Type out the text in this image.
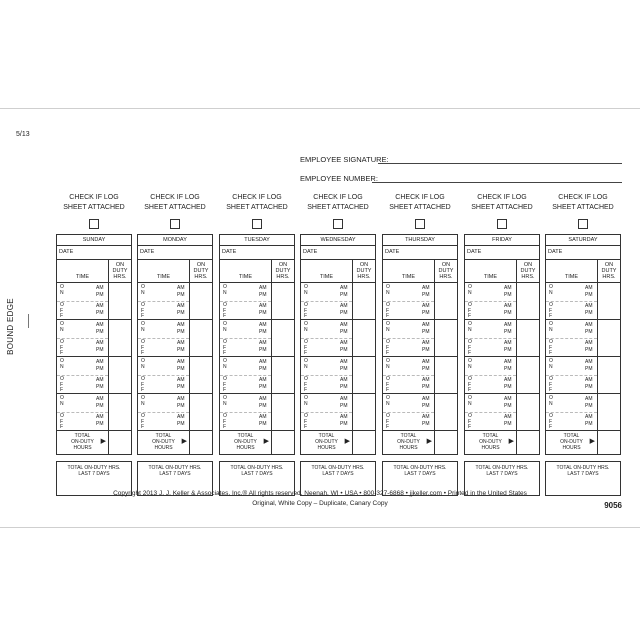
5/13
BOUND EDGE
EMPLOYEE SIGNATURE:
EMPLOYEE NUMBER:
CHECK IF LOG
SHEET ATTACHED
SUNDAY
DATE
TIME
ON
DUTY
HRS.
O
N
AM
PM
O
F
F
AM
PM
O
N
AM
PM
O
F
F
AM
PM
O
N
AM
PM
O
F
F
AM
PM
O
N
AM
PM
O
F
F
AM
PM
TOTAL
ON-DUTY
HOURS
▶
TOTAL ON-DUTY HRS.
LAST 7 DAYS
CHECK IF LOG
SHEET ATTACHED
MONDAY
DATE
TIME
ON
DUTY
HRS.
O
N
AM
PM
O
F
F
AM
PM
O
N
AM
PM
O
F
F
AM
PM
O
N
AM
PM
O
F
F
AM
PM
O
N
AM
PM
O
F
F
AM
PM
TOTAL
ON-DUTY
HOURS
▶
TOTAL ON-DUTY HRS.
LAST 7 DAYS
CHECK IF LOG
SHEET ATTACHED
TUESDAY
DATE
TIME
ON
DUTY
HRS.
O
N
AM
PM
O
F
F
AM
PM
O
N
AM
PM
O
F
F
AM
PM
O
N
AM
PM
O
F
F
AM
PM
O
N
AM
PM
O
F
F
AM
PM
TOTAL
ON-DUTY
HOURS
▶
TOTAL ON-DUTY HRS.
LAST 7 DAYS
CHECK IF LOG
SHEET ATTACHED
WEDNESDAY
DATE
TIME
ON
DUTY
HRS.
O
N
AM
PM
O
F
F
AM
PM
O
N
AM
PM
O
F
F
AM
PM
O
N
AM
PM
O
F
F
AM
PM
O
N
AM
PM
O
F
F
AM
PM
TOTAL
ON-DUTY
HOURS
▶
TOTAL ON-DUTY HRS.
LAST 7 DAYS
CHECK IF LOG
SHEET ATTACHED
THURSDAY
DATE
TIME
ON
DUTY
HRS.
O
N
AM
PM
O
F
F
AM
PM
O
N
AM
PM
O
F
F
AM
PM
O
N
AM
PM
O
F
F
AM
PM
O
N
AM
PM
O
F
F
AM
PM
TOTAL
ON-DUTY
HOURS
▶
TOTAL ON-DUTY HRS.
LAST 7 DAYS
CHECK IF LOG
SHEET ATTACHED
FRIDAY
DATE
TIME
ON
DUTY
HRS.
O
N
AM
PM
O
F
F
AM
PM
O
N
AM
PM
O
F
F
AM
PM
O
N
AM
PM
O
F
F
AM
PM
O
N
AM
PM
O
F
F
AM
PM
TOTAL
ON-DUTY
HOURS
▶
TOTAL ON-DUTY HRS.
LAST 7 DAYS
CHECK IF LOG
SHEET ATTACHED
SATURDAY
DATE
TIME
ON
DUTY
HRS.
O
N
AM
PM
O
F
F
AM
PM
O
N
AM
PM
O
F
F
AM
PM
O
N
AM
PM
O
F
F
AM
PM
O
N
AM
PM
O
F
F
AM
PM
TOTAL
ON-DUTY
HOURS
▶
TOTAL ON-DUTY HRS.
LAST 7 DAYS
Copyright 2013 J. J. Keller & Associates, Inc.® All rights reserved. Neenah, WI • USA • 800-327-6868 • jjkeller.com • Printed in the United States
Original, White Copy – Duplicate, Canary Copy	9056
